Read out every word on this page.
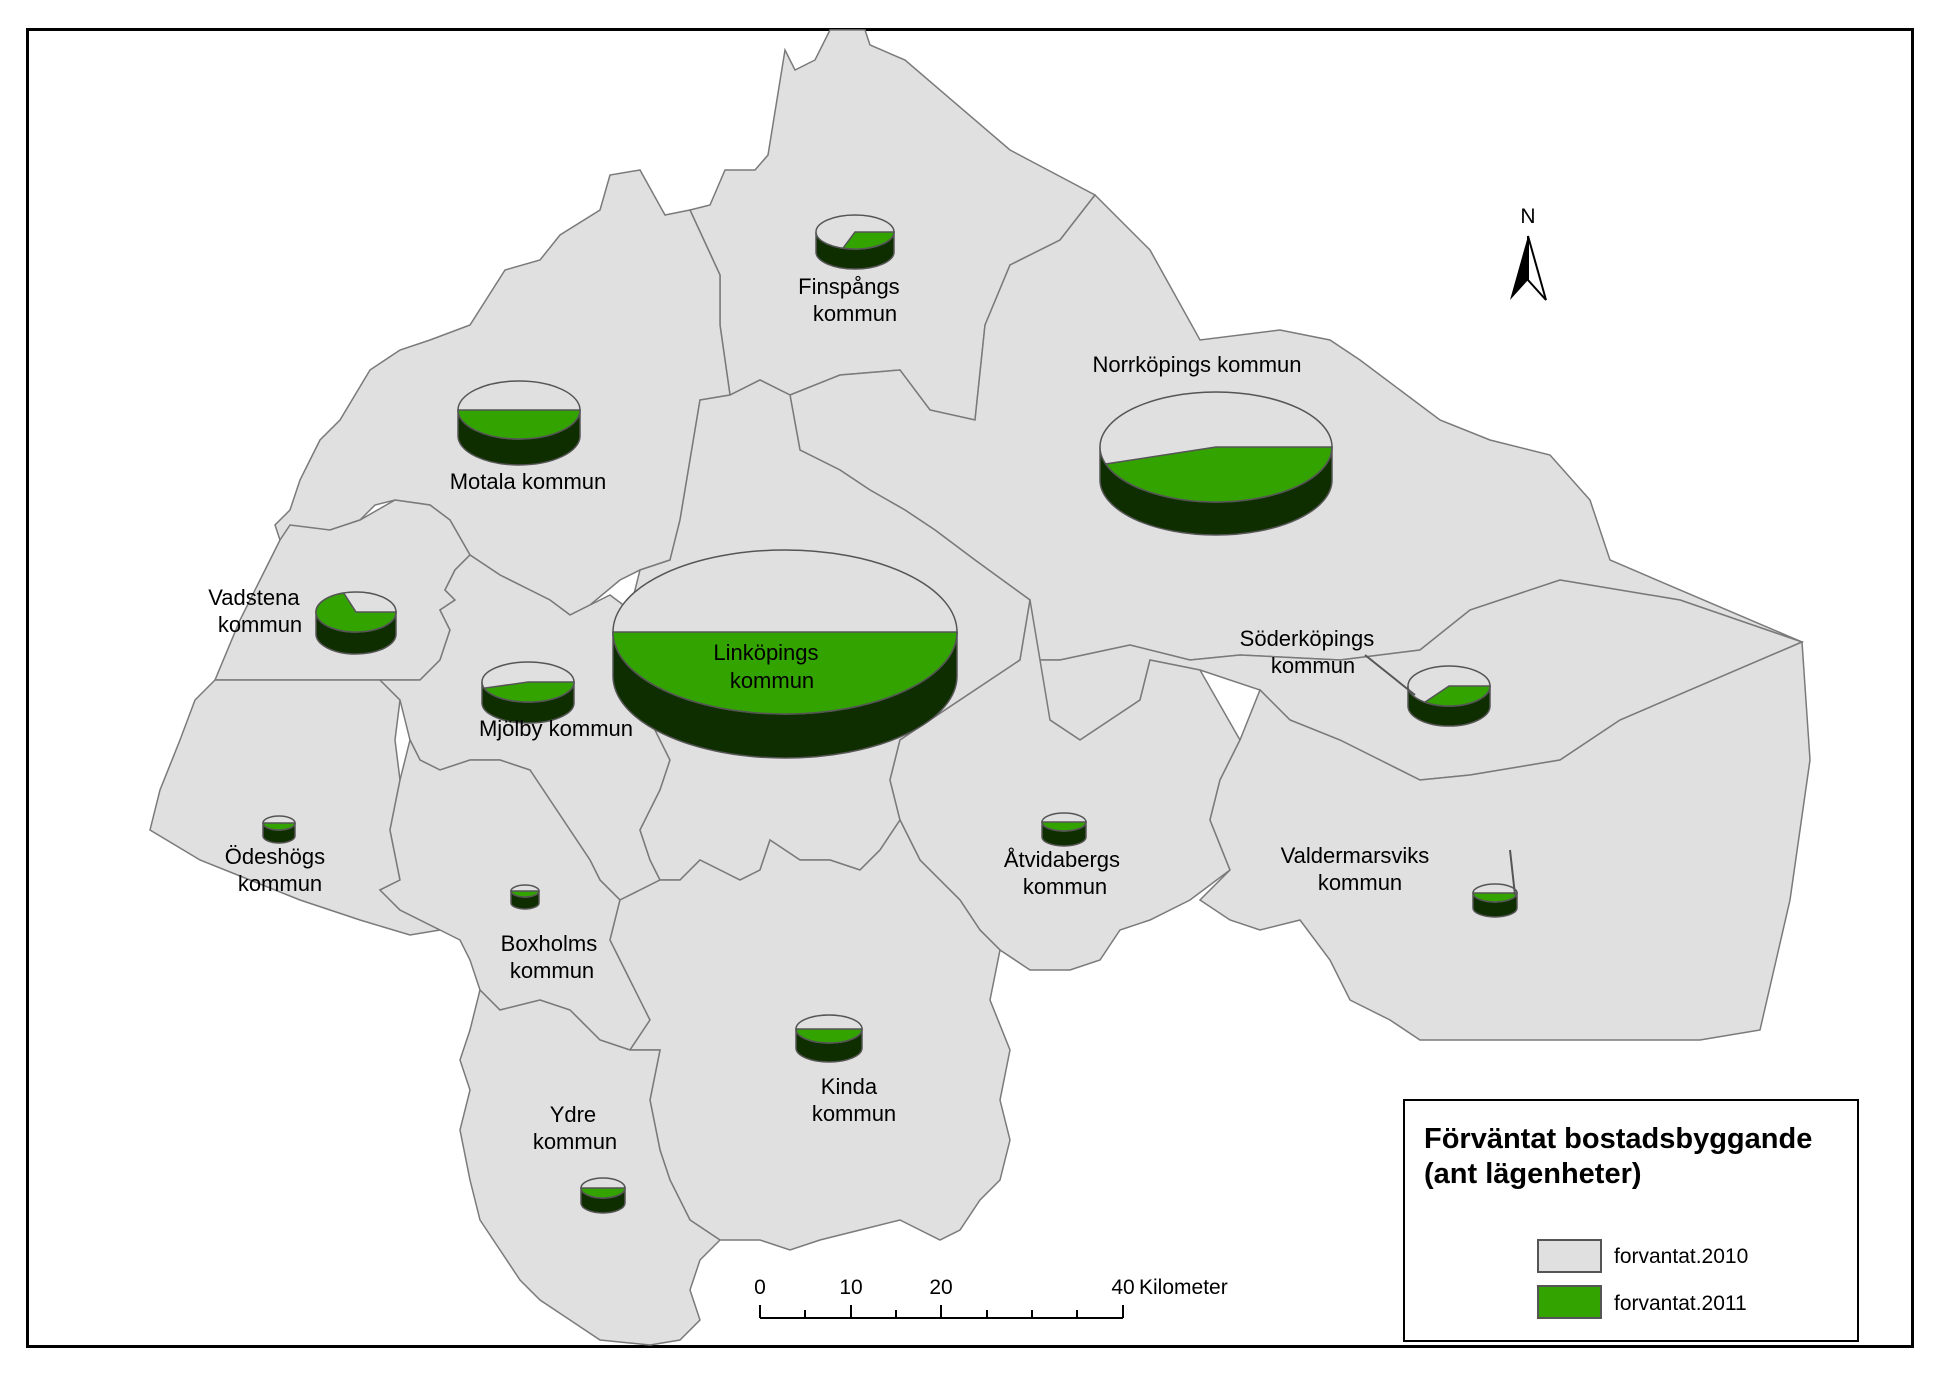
Finspångs kommun
Norrköpings kommun
Motala kommun
Vadstena kommun
Linköpings kommun
Söderköpings kommun
Mjölby kommun
Ödeshögs kommun
Åtvidabergs kommun
Valdermarsviks kommun
Boxholms kommun
Kinda kommun
Ydre kommun
N
0	10	20	40 Kilometer
Förväntat bostadsbyggande
(ant lägenheter)
forvantat.2010
forvantat.2011
